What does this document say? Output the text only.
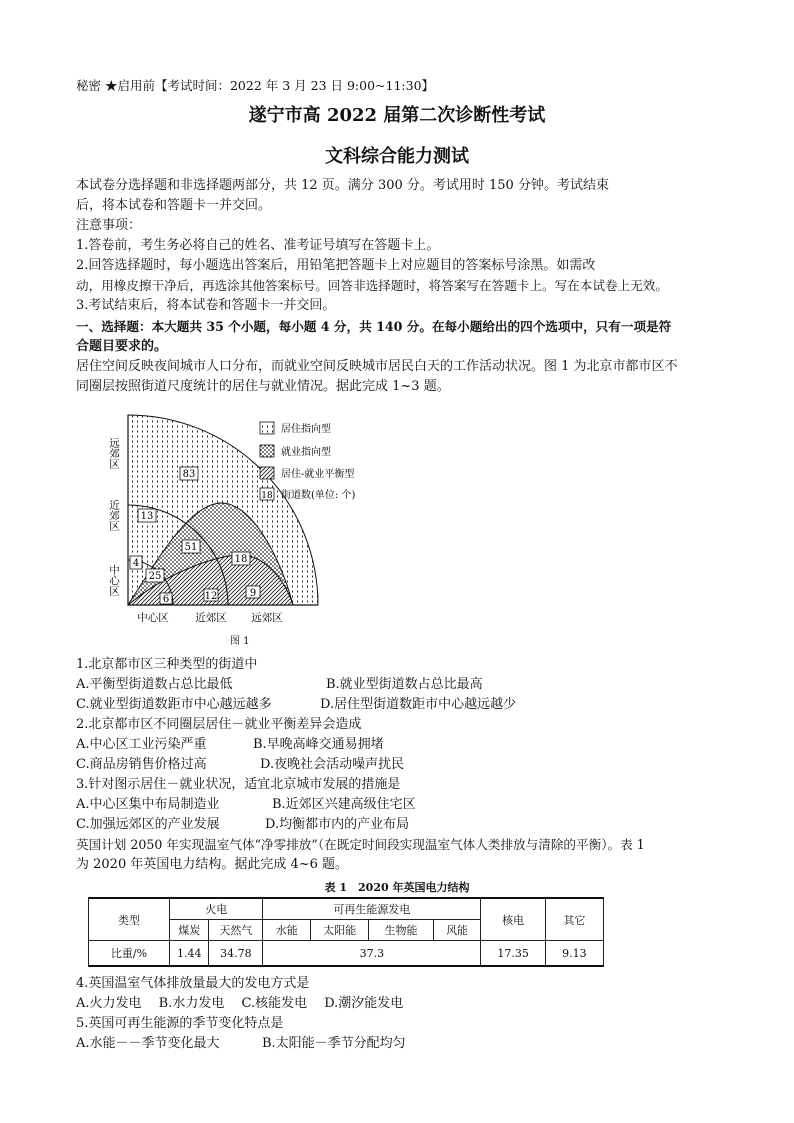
秘密 ★启用前【考试时间：2022 年 3 月 23 日 9:00~11:30】
遂宁市高 2022 届第二次诊断性考试
文科综合能力测试
本试卷分选择题和非选择题两部分，共 12 页。满分 300 分。考试用时 150 分钟。考试结束
后，将本试卷和答题卡一并交回。
注意事项：
1.答卷前，考生务必将自己的姓名、准考证号填写在答题卡上。
2.回答选择题时，每小题选出答案后，用铅笔把答题卡上对应题目的答案标号涂黑。如需改
动，用橡皮擦干净后，再选涂其他答案标号。回答非选择题时，将答案写在答题卡上。写在本试卷上无效。
3.考试结束后，将本试卷和答题卡一并交回。
一、选择题：本大题共 35 个小题，每小题 4 分，共 140 分。在每小题给出的四个选项中，只有一项是符
合题目要求的。
居住空间反映夜间城市人口分布，而就业空间反映城市居民白天的工作活动状况。图 1 为北京市都市区不
同圈层按照街道尺度统计的居住与就业情况。据此完成 1~3 题。
83
13
4
51
18
25
6	12	9
居住指向型
就业指向型
居住-就业平衡型
18 街道数(单位: 个)
远郊区
近郊区
中心区
中心区	近郊区 远郊区
图 1
1.北京都市区三种类型的街道中
A.平衡型街道数占总比最低	B.就业型街道数占总比最高
C.就业型街道数距市中心越远越多	D.居住型街道数距市中心越远越少
2.北京都市区不同圈层居住－就业平衡差异会造成
A.中心区工业污染严重	B.早晚高峰交通易拥堵
C.商品房销售价格过高	D.夜晚社会活动噪声扰民
3.针对图示居住－就业状况，适宜北京城市发展的措施是
A.中心区集中布局制造业	B.近郊区兴建高级住宅区
C.加强远郊区的产业发展	D.均衡都市内的产业布局
英国计划 2050 年实现温室气体“净零排放”（在既定时间段实现温室气体人类排放与清除的平衡）。表 1
为 2020 年英国电力结构。据此完成 4~6 题。
表 1　2020 年英国电力结构
类型	火电		可再生能源发电				核电	其它
	煤炭	天然气	水能	太阳能	生物能	风能		
比重/%	1.44	34.78	37.3				17.35	9.13
4.英国温室气体排放量最大的发电方式是
A.火力发电　 B.水力发电　 C.核能发电　 D.潮汐能发电
5.英国可再生能源的季节变化特点是
A.水能－－季节变化最大	B.太阳能－季节分配均匀
